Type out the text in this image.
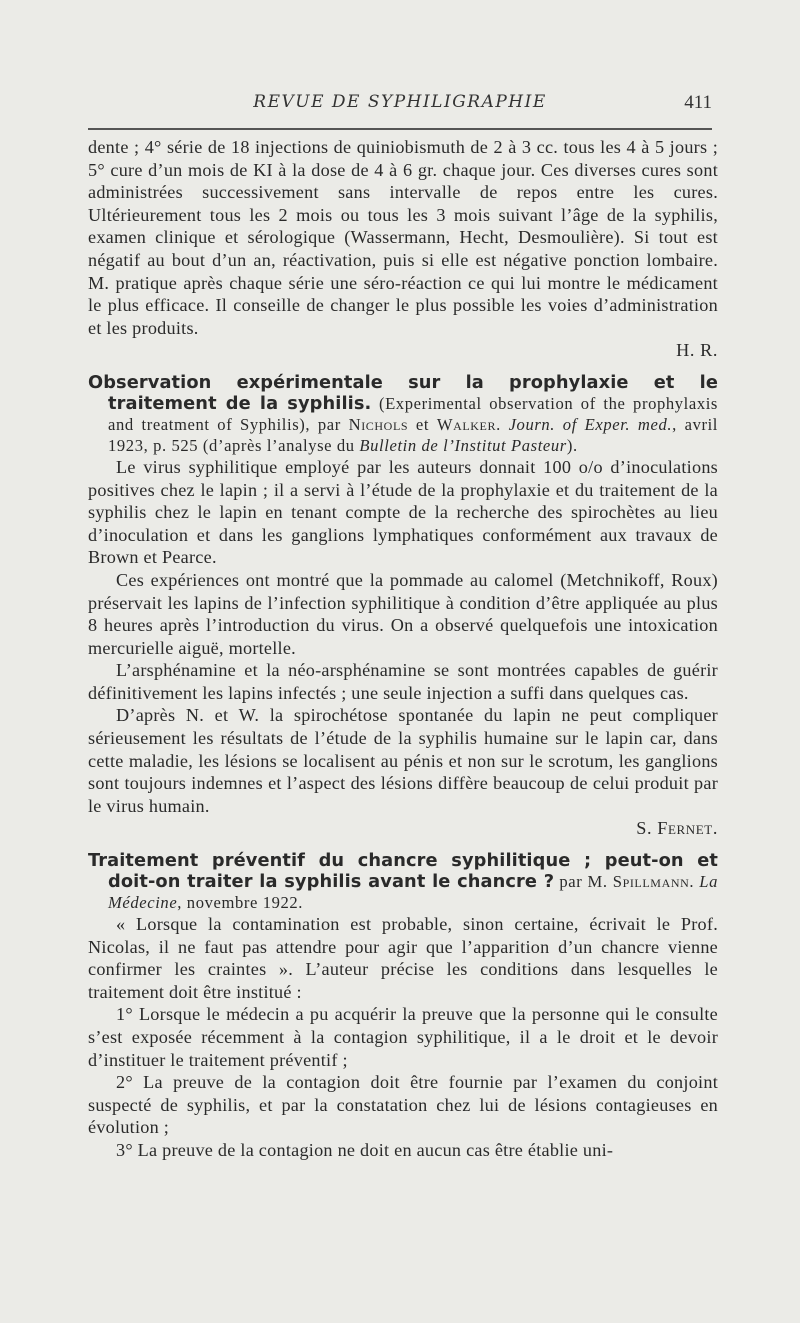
REVUE DE SYPHILIGRAPHIE	411

dente ; 4° série de 18 injections de quiniobismuth de 2 à 3 cc. tous les 4 à 5 jours ; 5° cure d’un mois de KI à la dose de 4 à 6 gr. chaque jour. Ces diverses cures sont administrées successivement sans intervalle de repos entre les cures. Ultérieurement tous les 2 mois ou tous les 3 mois suivant l’âge de la syphilis, examen clinique et sérologique (Wassermann, Hecht, Desmoulière). Si tout est négatif au bout d’un an, réactivation, puis si elle est négative ponction lombaire. M. pratique après chaque série une séro-réaction ce qui lui montre le médicament le plus efficace. Il conseille de changer le plus possible les voies d’administration et les produits.

H. R.

Observation expérimentale sur la prophylaxie et le traitement de la syphilis. (Experimental observation of the prophylaxis and treatment of Syphilis), par Nichols et Walker. Journ. of Exper. med., avril 1923, p. 525 (d’après l’analyse du Bulletin de l’Institut Pasteur).

Le virus syphilitique employé par les auteurs donnait 100 o/o d’inoculations positives chez le lapin ; il a servi à l’étude de la prophylaxie et du traitement de la syphilis chez le lapin en tenant compte de la recherche des spirochètes au lieu d’inoculation et dans les ganglions lymphatiques conformément aux travaux de Brown et Pearce.

Ces expériences ont montré que la pommade au calomel (Metchnikoff, Roux) préservait les lapins de l’infection syphilitique à condition d’être appliquée au plus 8 heures après l’introduction du virus. On a observé quelquefois une intoxication mercurielle aiguë, mortelle.

L’arsphénamine et la néo-arsphénamine se sont montrées capables de guérir définitivement les lapins infectés ; une seule injection a suffi dans quelques cas.

D’après N. et W. la spirochétose spontanée du lapin ne peut compliquer sérieusement les résultats de l’étude de la syphilis humaine sur le lapin car, dans cette maladie, les lésions se localisent au pénis et non sur le scrotum, les ganglions sont toujours indemnes et l’aspect des lésions diffère beaucoup de celui produit par le virus humain.

S. Fernet.

Traitement préventif du chancre syphilitique ; peut-on et doit-on traiter la syphilis avant le chancre ? par M. Spillmann. La Médecine, novembre 1922.

« Lorsque la contamination est probable, sinon certaine, écrivait le Prof. Nicolas, il ne faut pas attendre pour agir que l’apparition d’un chancre vienne confirmer les craintes ». L’auteur précise les conditions dans lesquelles le traitement doit être institué :

1° Lorsque le médecin a pu acquérir la preuve que la personne qui le consulte s’est exposée récemment à la contagion syphilitique, il a le droit et le devoir d’instituer le traitement préventif ;

2° La preuve de la contagion doit être fournie par l’examen du conjoint suspecté de syphilis, et par la constatation chez lui de lésions contagieuses en évolution ;

3° La preuve de la contagion ne doit en aucun cas être établie uni-
